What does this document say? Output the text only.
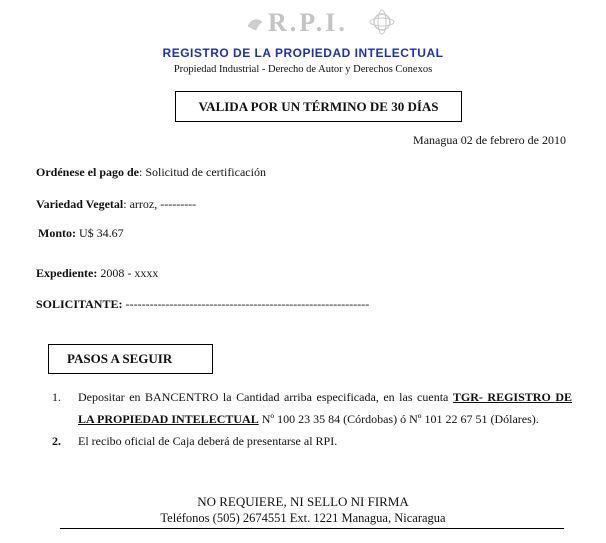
R.P.I.
REGISTRO DE LA PROPIEDAD INTELECTUAL
Propiedad Industrial - Derecho de Autor y Derechos Conexos
VALIDA POR UN TÉRMINO DE 30 DÍAS
Managua 02 de febrero de 2010
Ordénese el pago de: Solicitud de certificación
Variedad Vegetal: arroz, ---------
Monto: U$ 34.67
Expediente: 2008 - xxxx
SOLICITANTE: -------------------------------------------------------------
PASOS A SEGUIR
1.	Depositar en BANCENTRO la Cantidad arriba especificada, en las cuenta TGR- REGISTRO DE LA PROPIEDAD INTELECTUAL Nº 100 23 35 84 (Córdobas) ó Nº 101 22 67 51 (Dólares).
2.	El recibo oficial de Caja deberá de presentarse al RPI.
NO REQUIERE, NI SELLO NI FIRMA
Teléfonos (505) 2674551 Ext. 1221 Managua, Nicaragua
